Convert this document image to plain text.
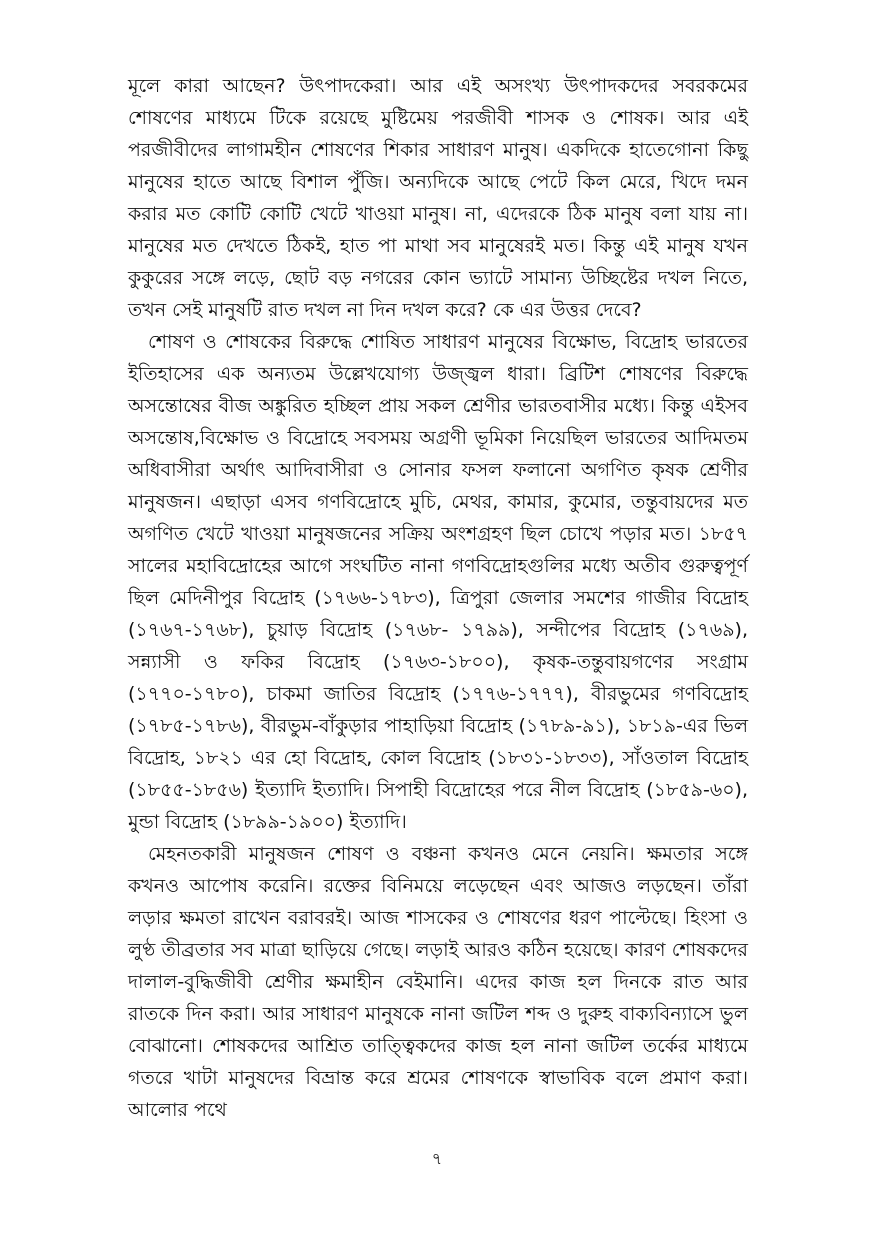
মূলে কারা আছেন? উৎপাদকেরা। আর এই অসংখ্য উৎপাদকদের সবরকমের শোষণের মাধ্যমে টিকে রয়েছে মুষ্টিমেয় পরজীবী শাসক ও শোষক। আর এই পরজীবীদের লাগামহীন শোষণের শিকার সাধারণ মানুষ। একদিকে হাতেগোনা কিছু মানুষের হাতে আছে বিশাল পুঁজি। অন্যদিকে আছে পেটে কিল মেরে, খিদে দমন করার মত কোটি কোটি খেটে খাওয়া মানুষ। না, এদেরকে ঠিক মানুষ বলা যায় না। মানুষের মত দেখতে ঠিকই, হাত পা মাথা সব মানুষেরই মত। কিন্তু এই মানুষ যখন কুকুরের সঙ্গে লড়ে, ছোট বড় নগরের কোন ভ্যাটে সামান্য উচ্ছিষ্টের দখল নিতে, তখন সেই মানুষটি রাত দখল না দিন দখল করে? কে এর উত্তর দেবে?

শোষণ ও শোষকের বিরুদ্ধে শোষিত সাধারণ মানুষের বিক্ষোভ, বিদ্রোহ ভারতের ইতিহাসের এক অন্যতম উল্লেখযোগ্য উজ্জ্বল ধারা। ব্রিটিশ শোষণের বিরুদ্ধে অসন্তোষের বীজ অঙ্কুরিত হচ্ছিল প্রায় সকল শ্রেণীর ভারতবাসীর মধ্যে। কিন্তু এইসব অসন্তোষ,বিক্ষোভ ও বিদ্রোহে সবসময় অগ্রণী ভূমিকা নিয়েছিল ভারতের আদিমতম অধিবাসীরা অর্থাৎ আদিবাসীরা ও সোনার ফসল ফলানো অগণিত কৃষক শ্রেণীর মানুষজন। এছাড়া এসব গণবিদ্রোহে মুচি, মেথর, কামার, কুমোর, তন্তুবায়দের মত অগণিত খেটে খাওয়া মানুষজনের সক্রিয় অংশগ্রহণ ছিল চোখে পড়ার মত। ১৮৫৭ সালের মহাবিদ্রোহের আগে সংঘটিত নানা গণবিদ্রোহগুলির মধ্যে অতীব গুরুত্বপূর্ণ ছিল মেদিনীপুর বিদ্রোহ (১৭৬৬-১৭৮৩), ত্রিপুরা জেলার সমশের গাজীর বিদ্রোহ (১৭৬৭-১৭৬৮), চুয়াড় বিদ্রোহ (১৭৬৮- ১৭৯৯), সন্দীপের বিদ্রোহ (১৭৬৯), সন্ন্যাসী ও ফকির বিদ্রোহ (১৭৬৩-১৮০০), কৃষক-তন্তুবায়গণের সংগ্রাম (১৭৭০-১৭৮০), চাকমা জাতির বিদ্রোহ (১৭৭৬-১৭৭৭), বীরভুমের গণবিদ্রোহ (১৭৮৫-১৭৮৬), বীরভুম-বাঁকুড়ার পাহাড়িয়া বিদ্রোহ (১৭৮৯-৯১), ১৮১৯-এর ভিল বিদ্রোহ, ১৮২১ এর হো বিদ্রোহ, কোল বিদ্রোহ (১৮৩১-১৮৩৩), সাঁওতাল বিদ্রোহ (১৮৫৫-১৮৫৬) ইত্যাদি ইত্যাদি। সিপাহী বিদ্রোহের পরে নীল বিদ্রোহ (১৮৫৯-৬০), মুন্ডা বিদ্রোহ (১৮৯৯-১৯০০) ইত্যাদি।

মেহনতকারী মানুষজন শোষণ ও বঞ্চনা কখনও মেনে নেয়নি। ক্ষমতার সঙ্গে কখনও আপোষ করেনি। রক্তের বিনিময়ে লড়েছেন এবং আজও লড়ছেন। তাঁরা লড়ার ক্ষমতা রাখেন বরাবরই। আজ শাসকের ও শোষণের ধরণ পাল্টেছে। হিংসা ও লুণ্ঠ তীব্রতার সব মাত্রা ছাড়িয়ে গেছে। লড়াই আরও কঠিন হয়েছে। কারণ শোষকদের দালাল-বুদ্ধিজীবী শ্রেণীর ক্ষমাহীন বেইমানি। এদের কাজ হল দিনকে রাত আর রাতকে দিন করা। আর সাধারণ মানুষকে নানা জটিল শব্দ ও দুরুহ বাক্যবিন্যাসে ভুল বোঝানো। শোষকদের আশ্রিত তাত্ত্বিকদের কাজ হল নানা জটিল তর্কের মাধ্যমে গতরে খাটা মানুষদের বিভ্রান্ত করে শ্রমের শোষণকে স্বাভাবিক বলে প্রমাণ করা। আলোর পথে

৭
